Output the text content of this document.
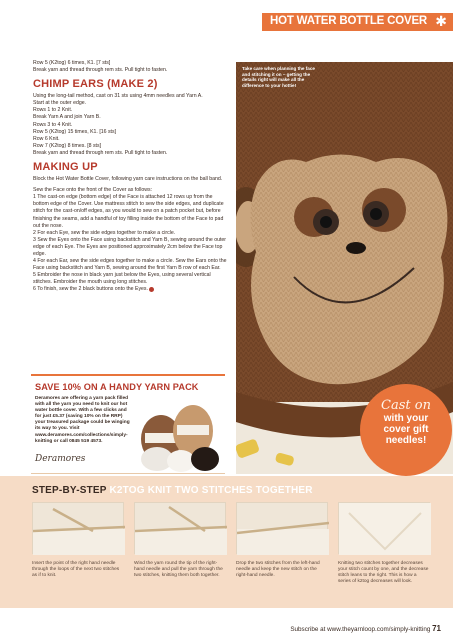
HOT WATER BOTTLE COVER ✱

Row 5 (K2tog) 6 times, K1. [7 sts]

Break yarn and thread through rem sts. Pull tight to fasten.

CHIMP EARS (MAKE 2)

Using the long-tail method, cast on 31 sts using 4mm needles and Yarn A.

Start at the outer edge.

Rows 1 to 2 Knit.

Break Yarn A and join Yarn B.

Rows 3 to 4 Knit.

Row 5 (K2tog) 15 times, K1. [16 sts]

Row 6 Knit.

Row 7 (K2tog) 8 times. [8 sts]

Break yarn and thread through rem sts. Pull tight to fasten.

MAKING UP

Block the Hot Water Bottle Cover, following yarn care instructions on the ball band.

Sew the Face onto the front of the Cover as follows:

1 The cast-on edge (bottom edge) of the Face is attached 12 rows up from the bottom edge of the Cover. Use mattress stitch to sew the side edges, and duplicate stitch for the cast-on/off edges, as you would to sew on a patch pocket but, before finishing the seams, add a handful of toy filling inside the bottom of the Face to pad out the nose.

2 For each Eye, sew the side edges together to make a circle.

3 Sew the Eyes onto the Face using backstitch and Yarn B, sewing around the outer edge of each Eye. The Eyes are positioned approximately 2cm below the Face top edge.

4 For each Ear, sew the side edges together to make a circle. Sew the Ears onto the Face using backstitch and Yarn B, sewing around the first Yarn B row of each Ear.

5 Embroider the nose in black yarn just below the Eyes, using several vertical stitches. Embroider the mouth using long stitches.

6 To finish, sew the 2 black buttons onto the Eyes.

Take care when planning the face and stitching it on – getting the details right will make all the difference to your hottie!
Cast on
with your
cover gift
needles!
SAVE 10% ON A HANDY YARN PACK
Deramores are offering a yarn pack filled with all the yarn you need to knit our hot water bottle cover. With a few clicks and for just £5.37 (saving 10% on the RRP) your treasured package could be winging its way to you. Visit www.deramores.com/collections/simply-knitting or call 0845 519 4573.
Deramores
STEP-BY-STEP K2TOG KNIT TWO STITCHES TOGETHER
Insert the point of the right hand needle through the loops of the next two stitches as if to knit.
Wind the yarn round the tip of the right-hand needle and pull the yarn through the two stitches, knitting them both together.
Drop the two stitches from the left-hand needle and keep the new stitch on the right-hand needle.
Knitting two stitches together decreases your stitch count by one, and the decrease stitch leans to the right. This is how a series of k2tog decreases will look.
Subscribe at www.theyarnloop.com/simply-knitting 71
